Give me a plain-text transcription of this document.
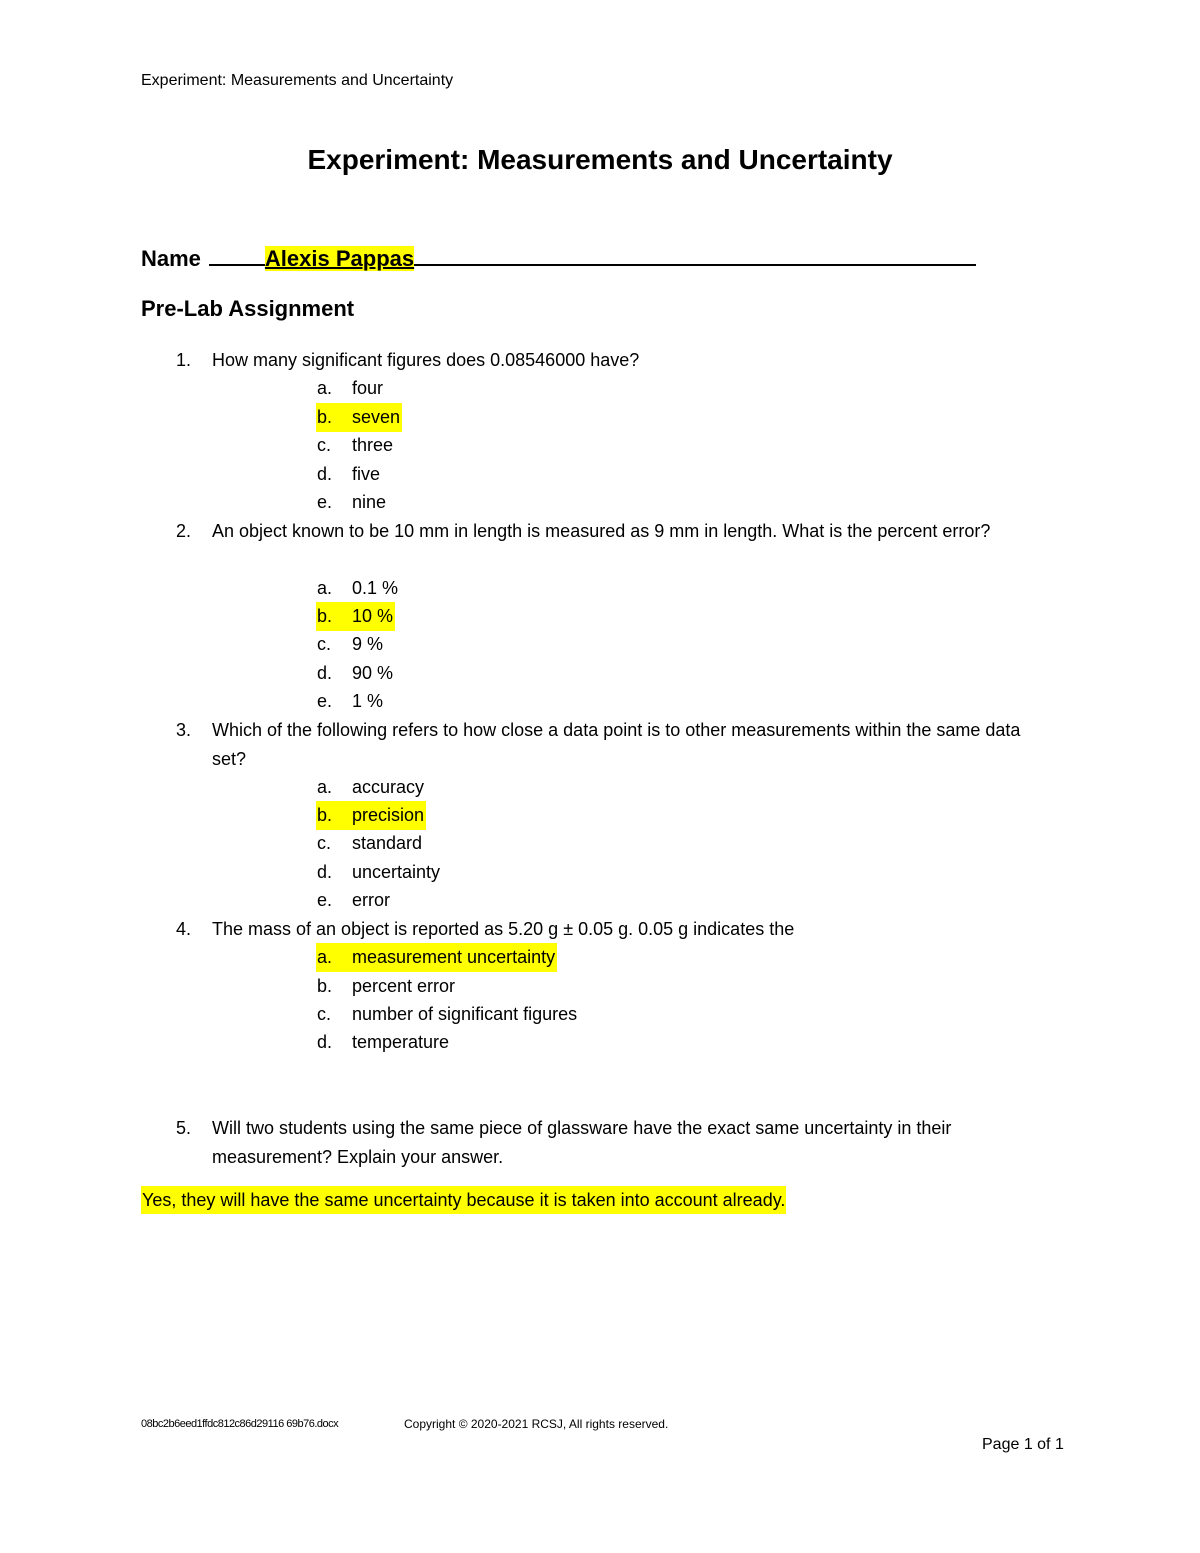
Experiment: Measurements and Uncertainty
Experiment: Measurements and Uncertainty
Name	Alexis Pappas
Pre-Lab Assignment
1. How many significant figures does 0.08546000 have?
a. four
b. seven
c. three
d. five
e. nine
2. An object known to be 10 mm in length is measured as 9 mm in length. What is the percent error?
a. 0.1 %
b. 10 %
c. 9 %
d. 90 %
e. 1 %
3. Which of the following refers to how close a data point is to other measurements within the same data set?
a. accuracy
b. precision
c. standard
d. uncertainty
e. error
4. The mass of an object is reported as 5.20 g ± 0.05 g. 0.05 g indicates the
a. measurement uncertainty
b. percent error
c. number of significant figures
d. temperature
5. Will two students using the same piece of glassware have the exact same uncertainty in their measurement? Explain your answer.
Yes, they will have the same uncertainty because it is taken into account already.
08bc2b6eed1ffdc812c86d29116 69b76.docx	Copyright © 2020-2021 RCSJ, All rights reserved.
Page 1 of 1
